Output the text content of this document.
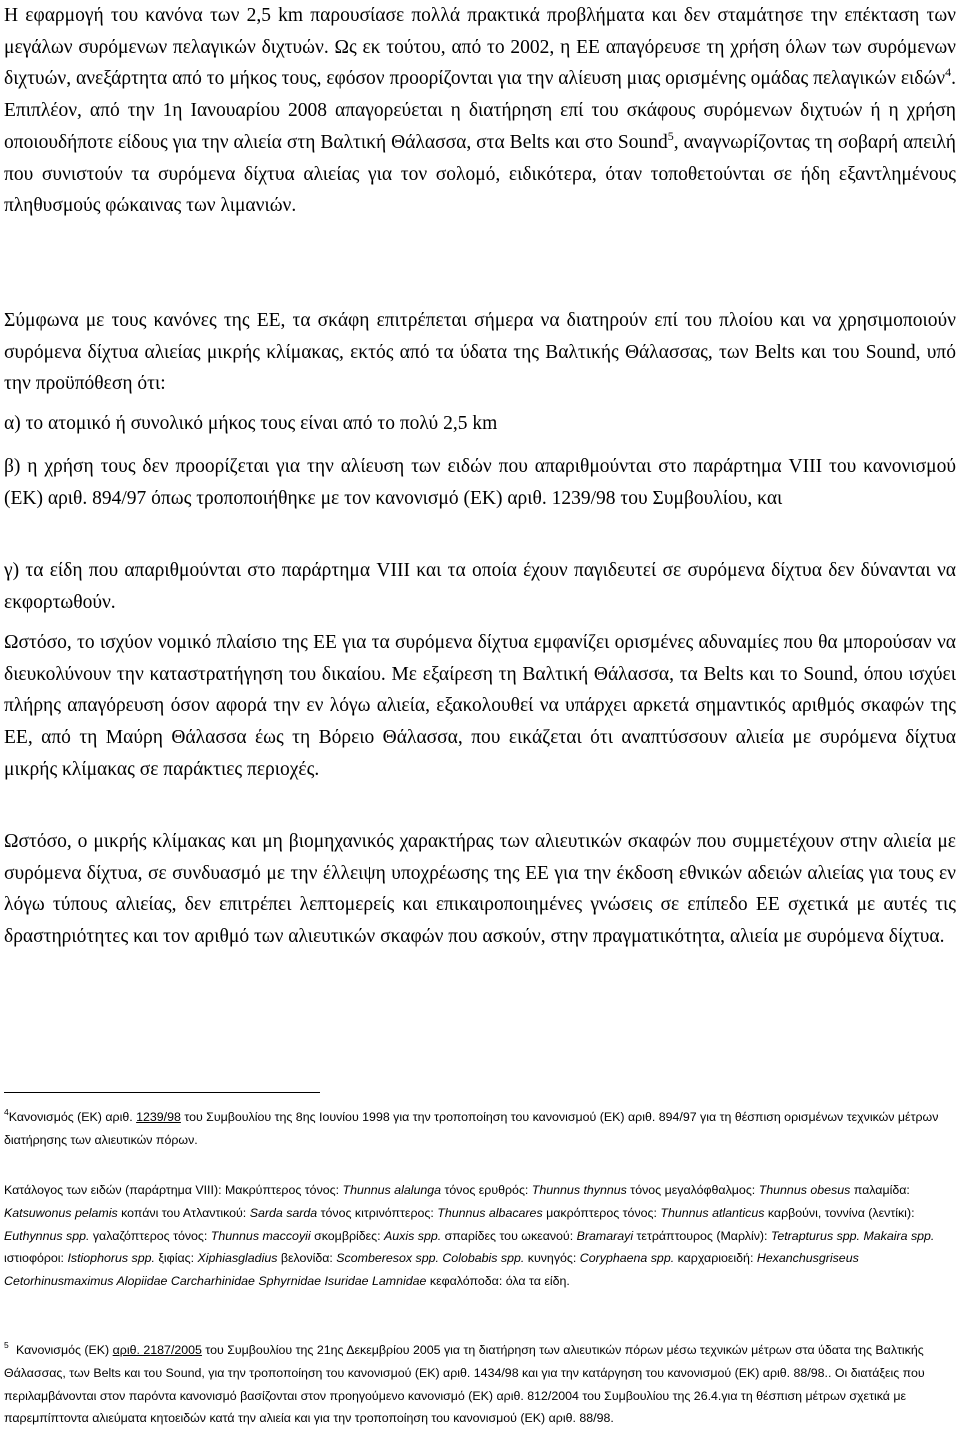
Η εφαρμογή του κανόνα των 2,5 km παρουσίασε πολλά πρακτικά προβλήματα και δεν σταμάτησε την επέκταση των μεγάλων συρόμενων πελαγικών διχτυών. Ως εκ τούτου, από το 2002, η ΕΕ απαγόρευσε τη χρήση όλων των συρόμενων διχτυών, ανεξάρτητα από το μήκος τους, εφόσον προορίζονται για την αλίευση μιας ορισμένης ομάδας πελαγικών ειδών$^4$. Επιπλέον, από την 1η Ιανουαρίου 2008 απαγορεύεται η διατήρηση επί του σκάφους συρόμενων διχτυών ή η χρήση οποιουδήποτε είδους για την αλιεία στη Βαλτική Θάλασσα, στα Belts και στο Sound$^5$, αναγνωρίζοντας τη σοβαρή απειλή που συνιστούν τα συρόμενα δίχτυα αλιείας για τον σολομό, ειδικότερα, όταν τοποθετούνται σε ήδη εξαντλημένους πληθυσμούς φώκαινας των λιμανιών.

Σύμφωνα με τους κανόνες της ΕΕ, τα σκάφη επιτρέπεται σήμερα να διατηρούν επί του πλοίου και να χρησιμοποιούν συρόμενα δίχτυα αλιείας μικρής κλίμακας, εκτός από τα ύδατα της Βαλτικής Θάλασσας, των Belts και του Sound, υπό την προϋπόθεση ότι:

α) το ατομικό ή συνολικό μήκος τους είναι από το πολύ 2,5 km

β) η χρήση τους δεν προορίζεται για την αλίευση των ειδών που απαριθμούνται στο παράρτημα VIII του κανονισμού (ΕΚ) αριθ. 894/97 όπως τροποποιήθηκε με τον κανονισμό (ΕΚ) αριθ. 1239/98 του Συμβουλίου, και

γ) τα είδη που απαριθμούνται στο παράρτημα VIII και τα οποία έχουν παγιδευτεί σε συρόμενα δίχτυα δεν δύνανται να εκφορτωθούν.

Ωστόσο, το ισχύον νομικό πλαίσιο της ΕΕ για τα συρόμενα δίχτυα εμφανίζει ορισμένες αδυναμίες που θα μπορούσαν να διευκολύνουν την καταστρατήγηση του δικαίου. Με εξαίρεση τη Βαλτική Θάλασσα, τα Belts και το Sound, όπου ισχύει πλήρης απαγόρευση όσον αφορά την εν λόγω αλιεία, εξακολουθεί να υπάρχει αρκετά σημαντικός αριθμός σκαφών της ΕΕ, από τη Μαύρη Θάλασσα έως τη Βόρειο Θάλασσα, που εικάζεται ότι αναπτύσσουν αλιεία με συρόμενα δίχτυα μικρής κλίμακας σε παράκτιες περιοχές.

Ωστόσο, ο μικρής κλίμακας και μη βιομηχανικός χαρακτήρας των αλιευτικών σκαφών που συμμετέχουν στην αλιεία με συρόμενα δίχτυα, σε συνδυασμό με την έλλειψη υποχρέωσης της ΕΕ για την έκδοση εθνικών αδειών αλιείας για τους εν λόγω τύπους αλιείας, δεν επιτρέπει λεπτομερείς και επικαιροποιημένες γνώσεις σε επίπεδο ΕΕ σχετικά με αυτές τις δραστηριότητες και τον αριθμό των αλιευτικών σκαφών που ασκούν, στην πραγματικότητα, αλιεία με συρόμενα δίχτυα.

$^4$Κανονισμός (ΕΚ) αριθ. 1239/98 του Συμβουλίου της 8ης Ιουνίου 1998 για την τροποποίηση του κανονισμού (ΕΚ) αριθ. 894/97 για τη θέσπιση ορισμένων τεχνικών μέτρων διατήρησης των αλιευτικών πόρων.

Κατάλογος των ειδών (παράρτημα VIII): Μακρύπτερος τόνος: Thunnus alalunga τόνος ερυθρός: Thunnus thynnus τόνος μεγαλόφθαλμος: Thunnus obesus παλαμίδα: Katsuwonus pelamis κοπάνι του Ατλαντικού: Sarda sarda τόνος κιτρινόπτερος: Thunnus albacares μακρόπτερος τόνος: Thunnus atlanticus καρβούνι, τοννίνα (λεντίκι): Euthynnus spp. γαλαζόπτερος τόνος: Thunnus maccoyii σκομβρίδες: Auxis spp. σπαρίδες του ωκεανού: Bramarayi τετράπτουρος (Μαρλίν): Tetrapturus spp. Makaira spp. ιστιοφόροι: Istiophorus spp. ξιφίας: Xiphiasgladius βελονίδα: Scomberesox spp. Colobabis spp. κυνηγός: Coryphaena spp. καρχαριοειδή: Hexanchusgriseus Cetorhinusmaximus Alopiidae Carcharhinidae Sphyrnidae Isuridae Lamnidae κεφαλόποδα: όλα τα είδη.

$^5$ Κανονισμός (ΕΚ) αριθ. 2187/2005 του Συμβουλίου της 21ης Δεκεμβρίου 2005 για τη διατήρηση των αλιευτικών πόρων μέσω τεχνικών μέτρων στα ύδατα της Βαλτικής Θάλασσας, των Belts και του Sound, για την τροποποίηση του κανονισμού (ΕΚ) αριθ. 1434/98 και για την κατάργηση του κανονισμού (ΕΚ) αριθ. 88/98.. Οι διατάξεις που περιλαμβάνονται στον παρόντα κανονισμό βασίζονται στον προηγούμενο κανονισμό (ΕΚ) αριθ. 812/2004 του Συμβουλίου της 26.4.για τη θέσπιση μέτρων σχετικά με παρεμπίπτοντα αλιεύματα κητοειδών κατά την αλιεία και για την τροποποίηση του κανονισμού (ΕΚ) αριθ. 88/98.
